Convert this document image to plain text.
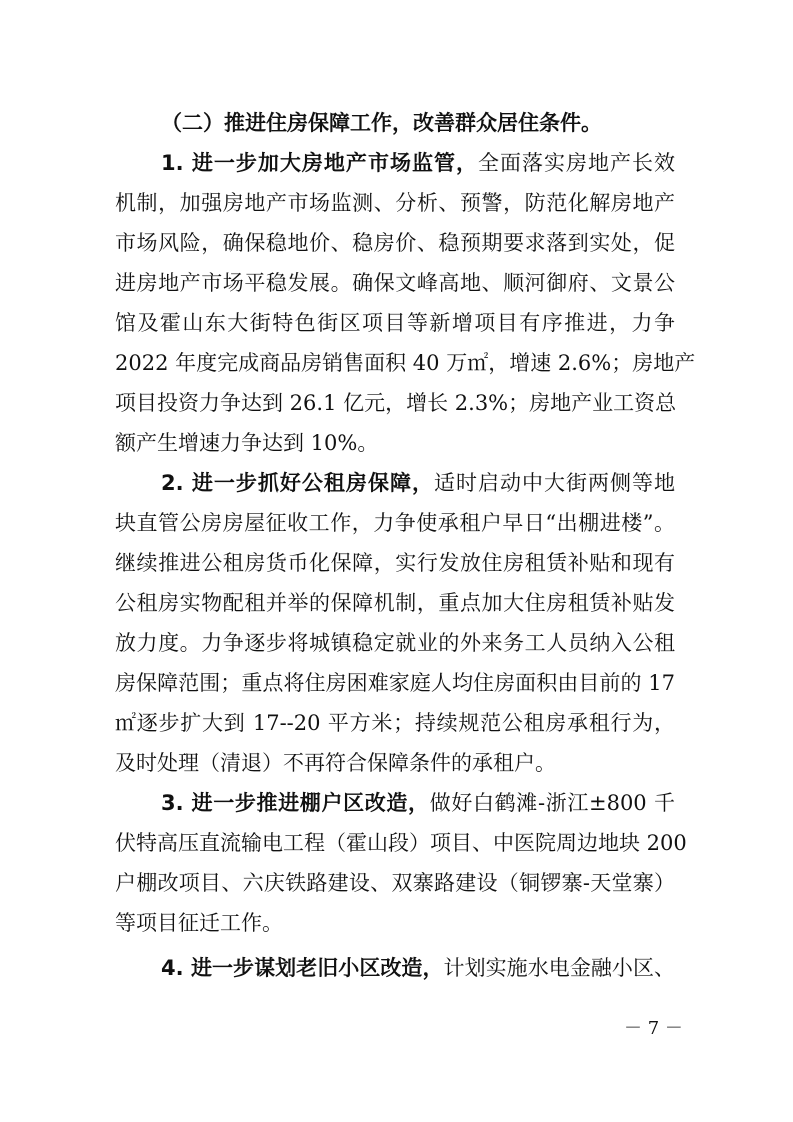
（二）推进住房保障工作，改善群众居住条件。
1. 进一步加大房地产市场监管，全面落实房地产长效
机制，加强房地产市场监测、分析、预警，防范化解房地产
市场风险，确保稳地价、稳房价、稳预期要求落到实处，促
进房地产市场平稳发展。确保文峰高地、顺河御府、文景公
馆及霍山东大街特色街区项目等新增项目有序推进，力争
2022 年度完成商品房销售面积 40 万㎡，增速 2.6%；房地产
项目投资力争达到 26.1 亿元，增长 2.3%；房地产业工资总
额产生增速力争达到 10%。
2. 进一步抓好公租房保障，适时启动中大街两侧等地
块直管公房房屋征收工作，力争使承租户早日“出棚进楼”。
继续推进公租房货币化保障，实行发放住房租赁补贴和现有
公租房实物配租并举的保障机制，重点加大住房租赁补贴发
放力度。力争逐步将城镇稳定就业的外来务工人员纳入公租
房保障范围；重点将住房困难家庭人均住房面积由目前的 17
㎡逐步扩大到 17--20 平方米；持续规范公租房承租行为，
及时处理（清退）不再符合保障条件的承租户。
3. 进一步推进棚户区改造，做好白鹤滩-浙江±800 千
伏特高压直流输电工程（霍山段）项目、中医院周边地块 200
户棚改项目、六庆铁路建设、双寨路建设（铜锣寨-天堂寨）
等项目征迁工作。
4. 进一步谋划老旧小区改造，计划实施水电金融小区、
－ 7 －
